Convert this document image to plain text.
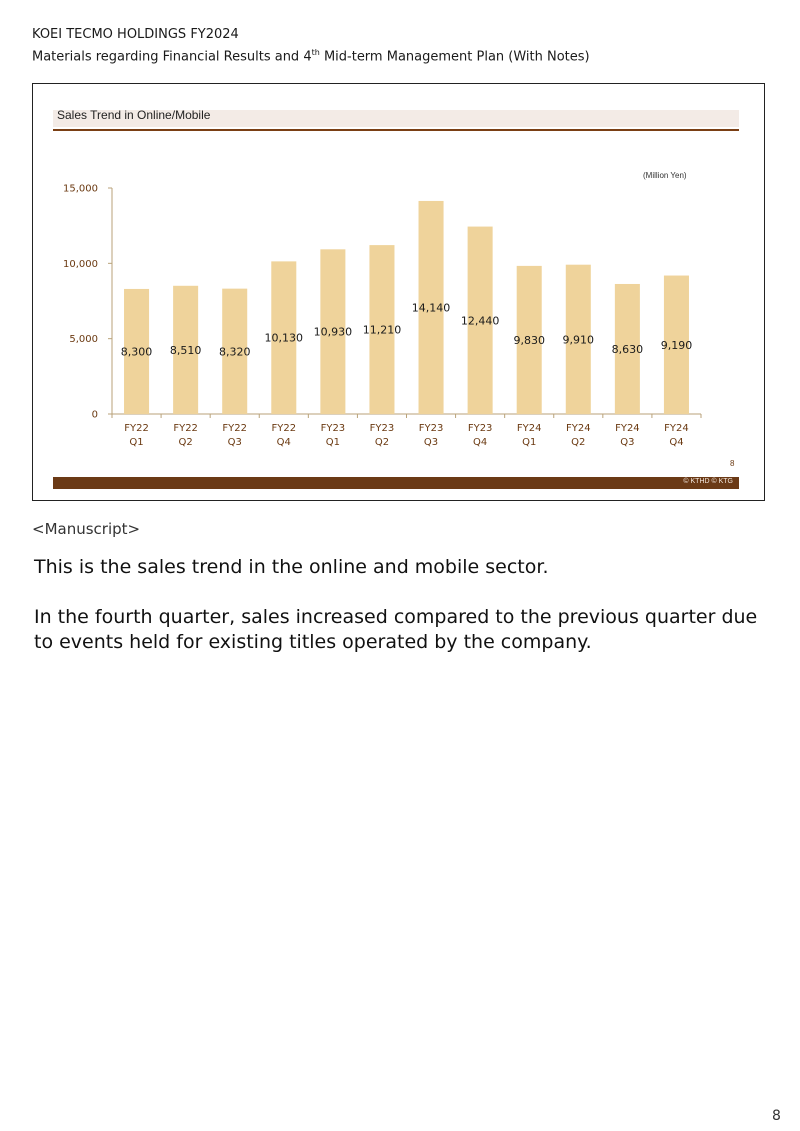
KOEI TECMO HOLDINGS FY2024
Materials regarding Financial Results and 4th Mid-term Management Plan (With Notes)
Sales Trend in Online/Mobile
(Million Yen)
0
5,000
10,000
15,000
8,300
FY22
Q1
8,510
FY22
Q2
8,320
FY22
Q3
10,130
FY22
Q4
10,930
FY23
Q1
11,210
FY23
Q2
14,140
FY23
Q3
12,440
FY23
Q4
9,830
FY24
Q1
9,910
FY24
Q2
8,630
FY24
Q3
9,190
FY24
Q4
8
© KTHD © KTG
<Manuscript>

This is the sales trend in the online and mobile sector.

In the fourth quarter, sales increased compared to the previous quarter due to events held for existing titles operated by the company.

8
